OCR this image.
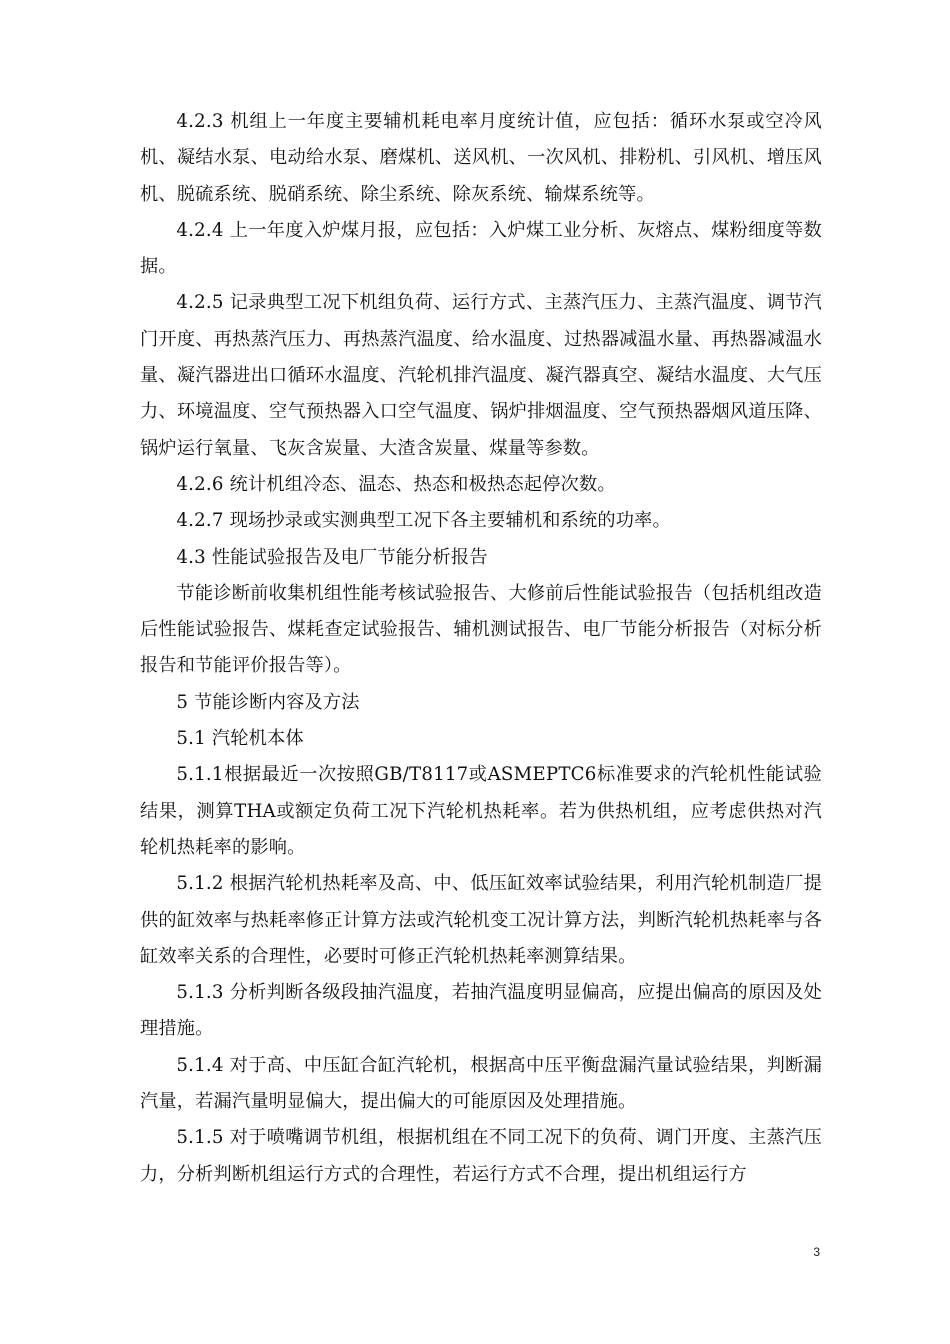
4.2.3 机组上一年度主要辅机耗电率月度统计值，应包括：循环水泵或空冷风机、凝结水泵、电动给水泵、磨煤机、送风机、一次风机、排粉机、引风机、增压风机、脱硫系统、脱硝系统、除尘系统、除灰系统、输煤系统等。

4.2.4 上一年度入炉煤月报，应包括：入炉煤工业分析、灰熔点、煤粉细度等数据。

4.2.5 记录典型工况下机组负荷、运行方式、主蒸汽压力、主蒸汽温度、调节汽门开度、再热蒸汽压力、再热蒸汽温度、给水温度、过热器减温水量、再热器减温水量、凝汽器进出口循环水温度、汽轮机排汽温度、凝汽器真空、凝结水温度、大气压力、环境温度、空气预热器入口空气温度、锅炉排烟温度、空气预热器烟风道压降、锅炉运行氧量、飞灰含炭量、大渣含炭量、煤量等参数。

4.2.6 统计机组冷态、温态、热态和极热态起停次数。

4.2.7 现场抄录或实测典型工况下各主要辅机和系统的功率。

4.3 性能试验报告及电厂节能分析报告

节能诊断前收集机组性能考核试验报告、大修前后性能试验报告（包括机组改造后性能试验报告、煤耗查定试验报告、辅机测试报告、电厂节能分析报告（对标分析报告和节能评价报告等）。

5 节能诊断内容及方法

5.1 汽轮机本体

5.1.1根据最近一次按照GB/T8117或ASMEPTC6标准要求的汽轮机性能试验结果，测算THA或额定负荷工况下汽轮机热耗率。若为供热机组，应考虑供热对汽轮机热耗率的影响。

5.1.2 根据汽轮机热耗率及高、中、低压缸效率试验结果，利用汽轮机制造厂提供的缸效率与热耗率修正计算方法或汽轮机变工况计算方法，判断汽轮机热耗率与各缸效率关系的合理性，必要时可修正汽轮机热耗率测算结果。

5.1.3 分析判断各级段抽汽温度，若抽汽温度明显偏高，应提出偏高的原因及处理措施。

5.1.4 对于高、中压缸合缸汽轮机，根据高中压平衡盘漏汽量试验结果，判断漏汽量，若漏汽量明显偏大，提出偏大的可能原因及处理措施。

5.1.5 对于喷嘴调节机组，根据机组在不同工况下的负荷、调门开度、主蒸汽压力，分析判断机组运行方式的合理性，若运行方式不合理，提出机组运行方

3
